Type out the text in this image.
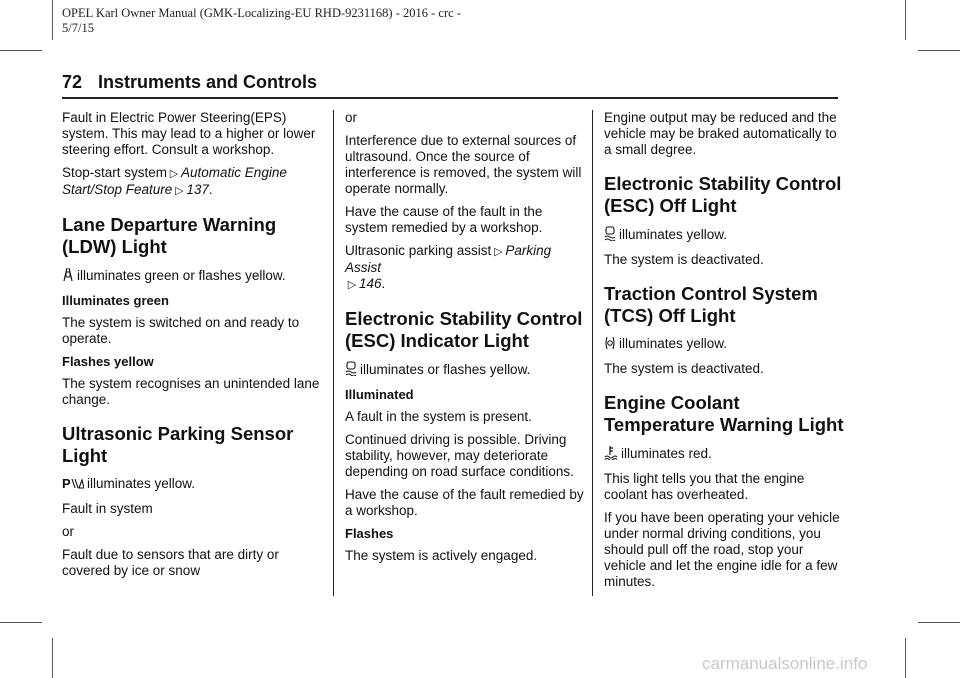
OPEL Karl Owner Manual (GMK-Localizing-EU RHD-9231168) - 2016 - crc -
5/7/15
72 Instruments and Controls

Fault in Electric Power Steering(EPS) system. This may lead to a higher or lower steering effort. Consult a workshop.

Stop-start system ▷ Automatic Engine Start/Stop Feature ▷ 137.

Lane Departure Warning (LDW) Light

illuminates green or flashes yellow.

Illuminates green

The system is switched on and ready to operate.

Flashes yellow

The system recognises an unintended lane change.

Ultrasonic Parking Sensor Light

P illuminates yellow.

Fault in system

or

Fault due to sensors that are dirty or covered by ice or snow

or

Interference due to external sources of ultrasound. Once the source of interference is removed, the system will operate normally.

Have the cause of the fault in the system remedied by a workshop.

Ultrasonic parking assist ▷ Parking Assist
▷ 146.

Electronic Stability Control (ESC) Indicator Light

illuminates or flashes yellow.

Illuminated

A fault in the system is present.

Continued driving is possible. Driving stability, however, may deteriorate depending on road surface conditions.

Have the cause of the fault remedied by a workshop.

Flashes

The system is actively engaged.

Engine output may be reduced and the vehicle may be braked automatically to a small degree.

Electronic Stability Control (ESC) Off Light

illuminates yellow.

The system is deactivated.

Traction Control System (TCS) Off Light

illuminates yellow.

The system is deactivated.

Engine Coolant Temperature Warning Light

illuminates red.

This light tells you that the engine coolant has overheated.

If you have been operating your vehicle under normal driving conditions, you should pull off the road, stop your vehicle and let the engine idle for a few minutes.

carmanualsonline.info
